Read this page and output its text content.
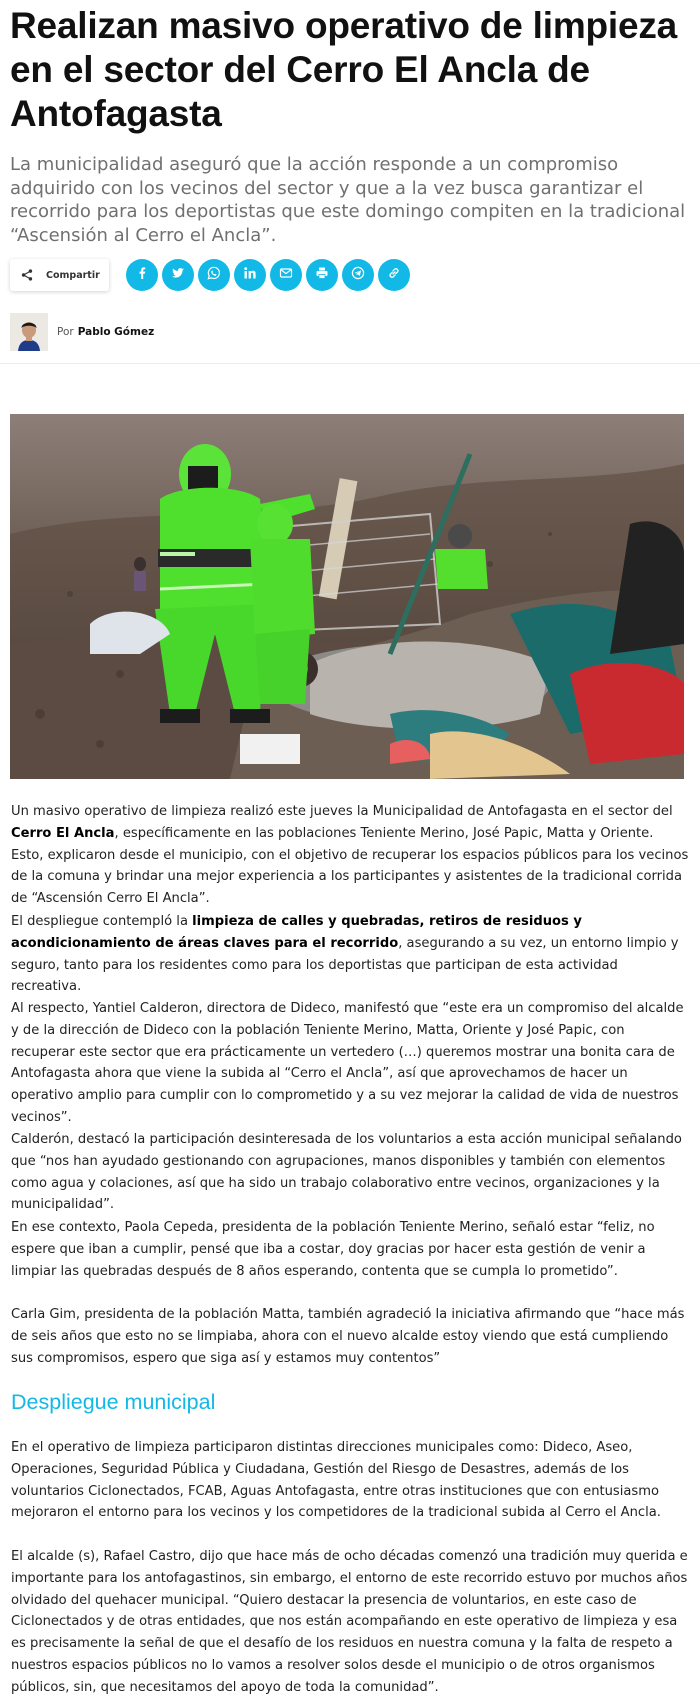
Realizan masivo operativo de limpieza en el sector del Cerro El Ancla de Antofagasta

La municipalidad aseguró que la acción responde a un compromiso adquirido con los vecinos del sector y que a la vez busca garantizar el recorrido para los deportistas que este domingo compiten en la tradicional “Ascensión al Cerro el Ancla”.

Compartir
Por Pablo Gómez

Un masivo operativo de limpieza realizó este jueves la Municipalidad de Antofagasta en el sector del Cerro El Ancla, específicamente en las poblaciones Teniente Merino, José Papic, Matta y Oriente. Esto, explicaron desde el municipio, con el objetivo de recuperar los espacios públicos para los vecinos de la comuna y brindar una mejor experiencia a los participantes y asistentes de la tradicional corrida de “Ascensión Cerro El Ancla”.

El despliegue contempló la limpieza de calles y quebradas, retiros de residuos y acondicionamiento de áreas claves para el recorrido, asegurando a su vez, un entorno limpio y seguro, tanto para los residentes como para los deportistas que participan de esta actividad recreativa.

Al respecto, Yantiel Calderon, directora de Dideco, manifestó que “este era un compromiso del alcalde y de la dirección de Dideco con la población Teniente Merino, Matta, Oriente y José Papic, con recuperar este sector que era prácticamente un vertedero (…) queremos mostrar una bonita cara de Antofagasta ahora que viene la subida al “Cerro el Ancla”, así que aprovechamos de hacer un operativo amplio para cumplir con lo comprometido y a su vez mejorar la calidad de vida de nuestros vecinos”.

Calderón, destacó la participación desinteresada de los voluntarios a esta acción municipal señalando que “nos han ayudado gestionando con agrupaciones, manos disponibles y también con elementos como agua y colaciones, así que ha sido un trabajo colaborativo entre vecinos, organizaciones y la municipalidad”.

En ese contexto, Paola Cepeda, presidenta de la población Teniente Merino, señaló estar “feliz, no espere que iban a cumplir, pensé que iba a costar, doy gracias por hacer esta gestión de venir a limpiar las quebradas después de 8 años esperando, contenta que se cumpla lo prometido”.

Carla Gim, presidenta de la población Matta, también agradeció la iniciativa afirmando que “hace más de seis años que esto no se limpiaba, ahora con el nuevo alcalde estoy viendo que está cumpliendo sus compromisos, espero que siga así y estamos muy contentos”

Despliegue municipal

En el operativo de limpieza participaron distintas direcciones municipales como: Dideco, Aseo, Operaciones, Seguridad Pública y Ciudadana, Gestión del Riesgo de Desastres, además de los voluntarios Ciclonectados, FCAB, Aguas Antofagasta, entre otras instituciones que con entusiasmo mejoraron el entorno para los vecinos y los competidores de la tradicional subida al Cerro el Ancla.

El alcalde (s), Rafael Castro, dijo que hace más de ocho décadas comenzó una tradición muy querida e importante para los antofagastinos, sin embargo, el entorno de este recorrido estuvo por muchos años olvidado del quehacer municipal. “Quiero destacar la presencia de voluntarios, en este caso de Ciclonectados y de otras entidades, que nos están acompañando en este operativo de limpieza y esa es precisamente la señal de que el desafío de los residuos en nuestra comuna y la falta de respeto a nuestros espacios públicos no lo vamos a resolver solos desde el municipio o de otros organismos públicos, sin, que necesitamos del apoyo de toda la comunidad”.
